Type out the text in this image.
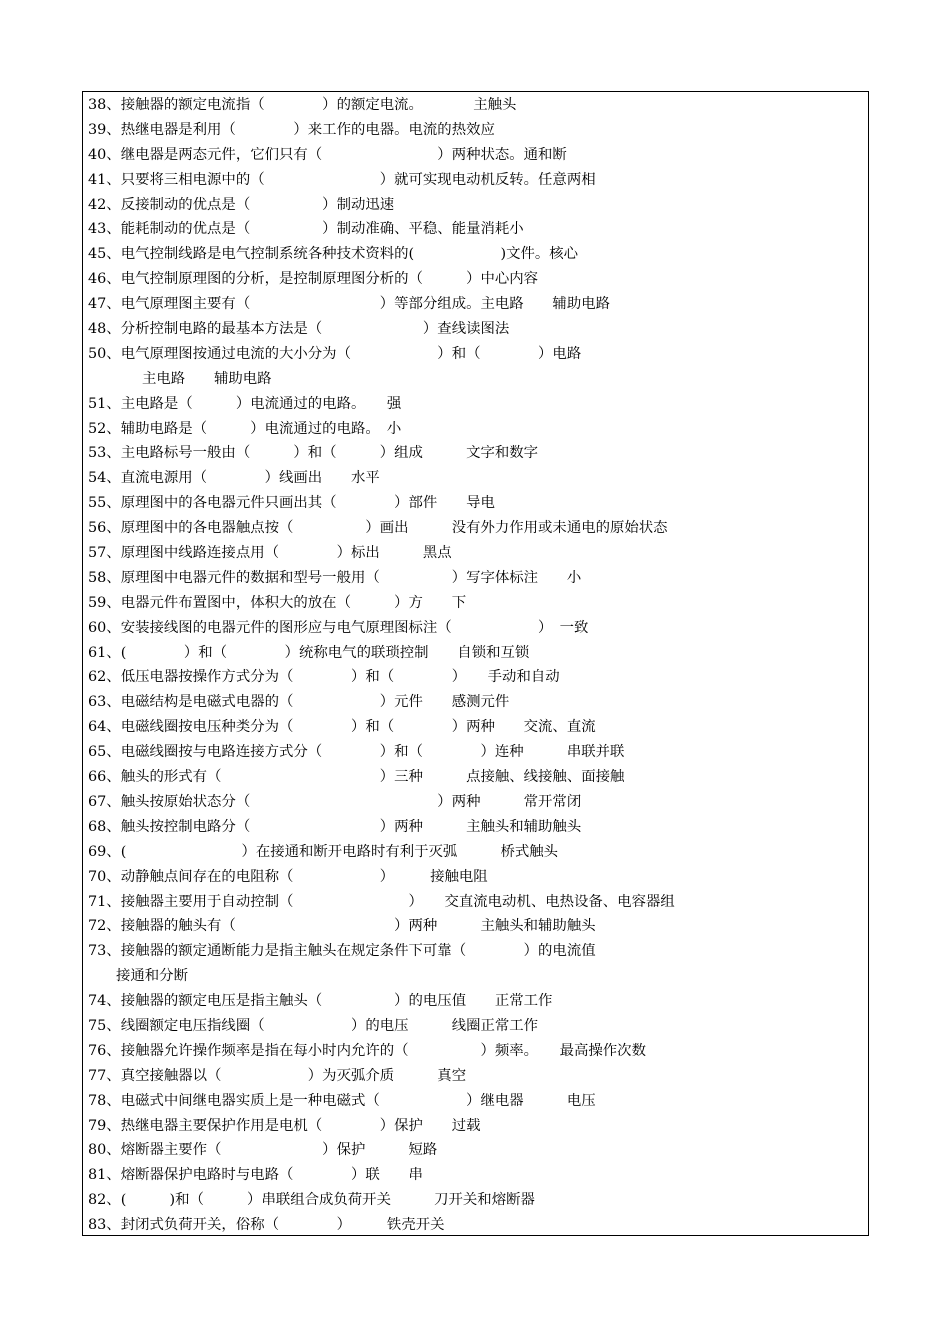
38、接触器的额定电流指（　　　　）的额定电流。　　　　主触头
39、热继电器是利用（　　　　）来工作的电器。电流的热效应
40、继电器是两态元件，它们只有（　　　　　　　　）两种状态。通和断
41、只要将三相电源中的（　　　　　　　　）就可实现电动机反转。任意两相
42、反接制动的优点是（　　　　　）制动迅速
43、能耗制动的优点是（　　　　　）制动准确、平稳、能量消耗小
45、电气控制线路是电气控制系统各种技术资料的(　　　　　　)文件。核心
46、电气控制原理图的分析，是控制原理图分析的（　　　）中心内容
47、电气原理图主要有（　　　　　　　　　）等部分组成。主电路　　辅助电路
48、分析控制电路的最基本方法是（　　　　　　　）查线读图法
50、电气原理图按通过电流的大小分为（　　　　　　）和（　　　　）电路
主电路　　辅助电路
51、主电路是（　　　）电流通过的电路。　　强
52、辅助电路是（　　　）电流通过的电路。　小
53、主电路标号一般由（　　　）和（　　　）组成　　　文字和数字
54、直流电源用（　　　　）线画出　　水平
55、原理图中的各电器元件只画出其（　　　　）部件　　导电
56、原理图中的各电器触点按（　　　　　）画出　　　没有外力作用或未通电的原始状态
57、原理图中线路连接点用（　　　　）标出　　　黑点
58、原理图中电器元件的数据和型号一般用（　　　　　）写字体标注　　小
59、电器元件布置图中，体积大的放在（　　　）方　　下
60、安装接线图的电器元件的图形应与电气原理图标注（　　　　　　）　一致
61、(　　　　）和（　　　　）统称电气的联琐控制　　自锁和互锁
62、低压电器按操作方式分为（　　　　）和（　　　　）　　手动和自动
63、电磁结构是电磁式电器的（　　　　　　）元件　　感测元件
64、电磁线圈按电压种类分为（　　　　）和（　　　　）两种　　交流、直流
65、电磁线圈按与电路连接方式分（　　　　）和（　　　　）连种　　　串联并联
66、触头的形式有（　　　　　　　　　　　）三种　　　点接触、线接触、面接触
67、触头按原始状态分（　　　　　　　　　　　　　）两种　　　常开常闭
68、触头按控制电路分（　　　　　　　　　）两种　　　主触头和辅助触头
69、(　　　　　　　　）在接通和断开电路时有利于灭弧　　　桥式触头
70、动静触点间存在的电阻称（　　　　　　）　　　接触电阻
71、接触器主要用于自动控制（　　　　　　　　）　　交直流电动机、电热设备、电容器组
72、接触器的触头有（　　　　　　　　　　　）两种　　　主触头和辅助触头
73、接触器的额定通断能力是指主触头在规定条件下可靠（　　　　）的电流值
接通和分断
74、接触器的额定电压是指主触头（　　　　　）的电压值　　正常工作
75、线圈额定电压指线圈（　　　　　　）的电压　　　线圈正常工作
76、接触器允许操作频率是指在每小时内允许的（　　　　　）频率。　　最高操作次数
77、真空接触器以（　　　　　　）为灭弧介质　　　真空
78、电磁式中间继电器实质上是一种电磁式（　　　　　　）继电器　　　电压
79、热继电器主要保护作用是电机（　　　　）保护　　过载
80、熔断器主要作（　　　　　　　）保护　　　短路
81、熔断器保护电路时与电路（　　　　）联　　串
82、(　　　)和（　　　）串联组合成负荷开关　　　刀开关和熔断器
83、封闭式负荷开关，俗称（　　　　）　　　铁壳开关
